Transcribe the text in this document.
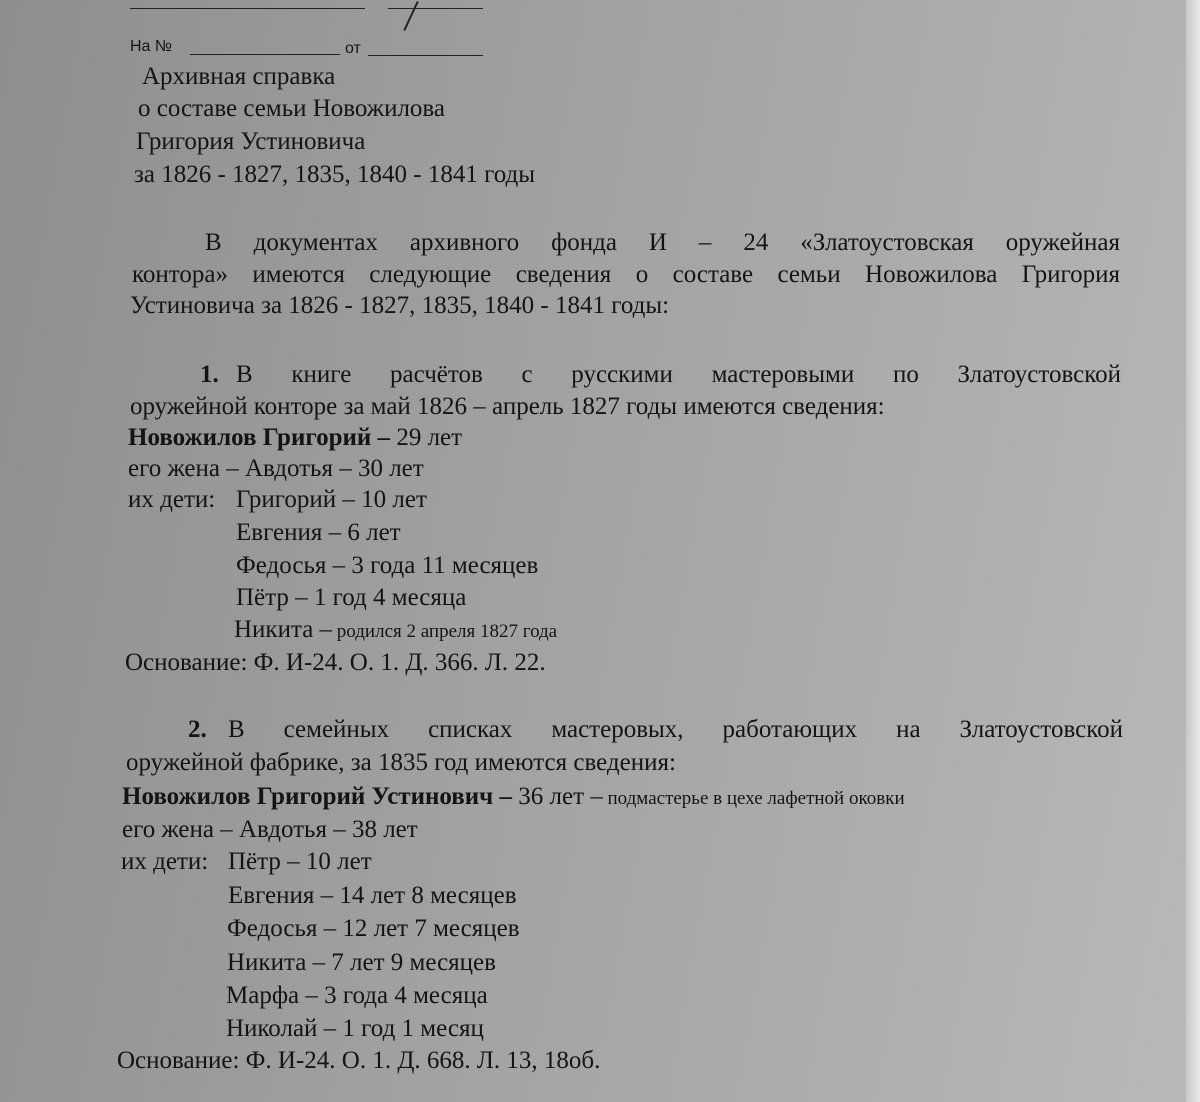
На №	от
Архивная справка
о составе семьи Новожилова
Григория Устиновича
за 1826 - 1827, 1835, 1840 - 1841 годы
В документах архивного фонда И – 24 «Златоустовская оружейная
контора» имеются следующие сведения о составе семьи Новожилова Григория
Устиновича за 1826 - 1827, 1835, 1840 - 1841 годы:
1. В книге расчётов с русскими мастеровыми по Златоустовской
оружейной конторе за май 1826 – апрель 1827 годы имеются сведения:
Новожилов Григорий – 29 лет
его жена – Авдотья – 30 лет
их дети: Григорий – 10 лет
Евгения – 6 лет
Федосья – 3 года 11 месяцев
Пётр – 1 год 4 месяца
Никита – родился 2 апреля 1827 года
Основание: Ф. И-24. О. 1. Д. 366. Л. 22.
2. В семейных списках мастеровых, работающих на Златоустовской
оружейной фабрике, за 1835 год имеются сведения:
Новожилов Григорий Устинович – 36 лет – подмастерье в цехе лафетной оковки
его жена – Авдотья – 38 лет
их дети: Пётр – 10 лет
Евгения – 14 лет 8 месяцев
Федосья – 12 лет 7 месяцев
Никита – 7 лет 9 месяцев
Марфа – 3 года 4 месяца
Николай – 1 год 1 месяц
Основание: Ф. И-24. О. 1. Д. 668. Л. 13, 18об.
